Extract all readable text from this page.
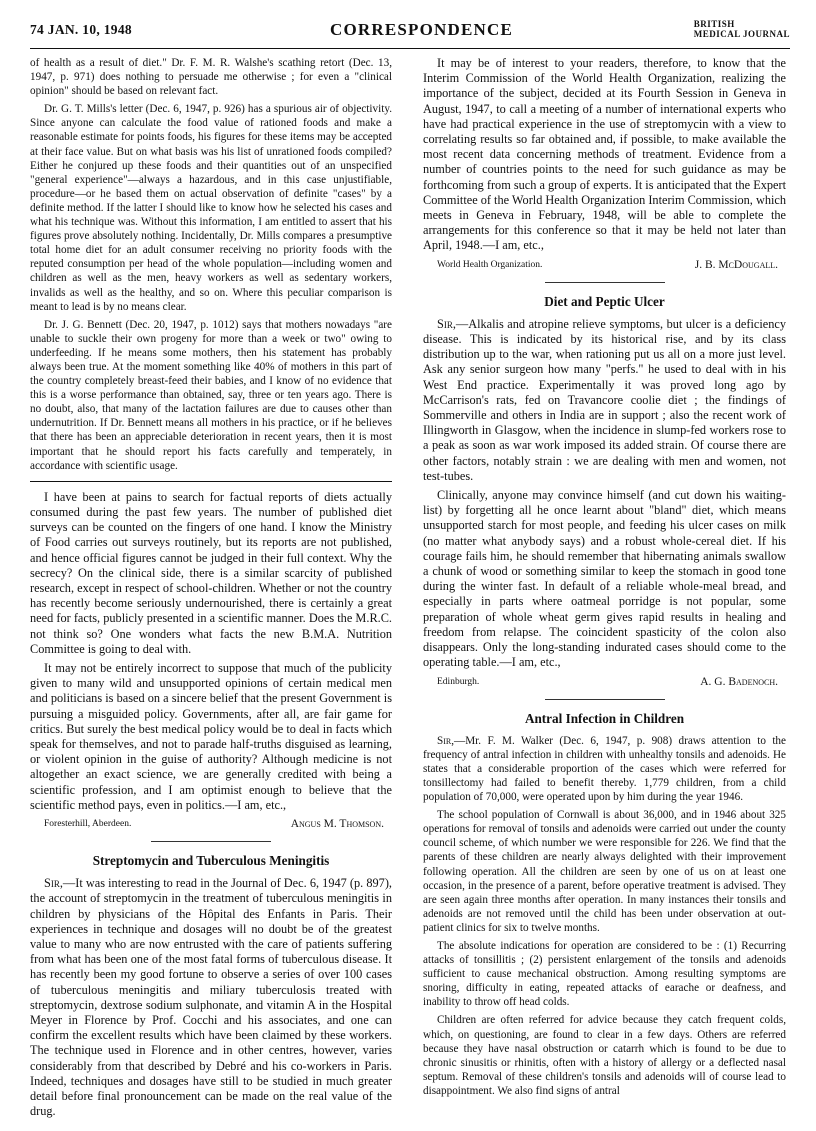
74 JAN. 10, 1948	CORRESPONDENCE	BRITISH
MEDICAL JOURNAL

of health as a result of diet." Dr. F. M. R. Walshe's scathing retort (Dec. 13, 1947, p. 971) does nothing to persuade me otherwise ; for even a "clinical opinion" should be based on relevant fact.

Dr. G. T. Mills's letter (Dec. 6, 1947, p. 926) has a spurious air of objectivity. Since anyone can calculate the food value of rationed foods and make a reasonable estimate for points foods, his figures for these items may be accepted at their face value. But on what basis was his list of unrationed foods compiled? Either he conjured up these foods and their quantities out of an unspecified "general experience"—always a hazardous, and in this case unjustifiable, procedure—or he based them on actual observation of definite "cases" by a definite method. If the latter I should like to know how he selected his cases and what his technique was. Without this information, I am entitled to assert that his figures prove absolutely nothing. Incidentally, Dr. Mills compares a presumptive total home diet for an adult consumer receiving no priority foods with the reputed consumption per head of the whole population—including women and children as well as the men, heavy workers as well as sedentary workers, invalids as well as the healthy, and so on. Where this peculiar comparison is meant to lead is by no means clear.

Dr. J. G. Bennett (Dec. 20, 1947, p. 1012) says that mothers nowadays "are unable to suckle their own progeny for more than a week or two" owing to underfeeding. If he means some mothers, then his statement has probably always been true. At the moment something like 40% of mothers in this part of the country completely breast-feed their babies, and I know of no evidence that this is a worse performance than obtained, say, three or ten years ago. There is no doubt, also, that many of the lactation failures are due to causes other than undernutrition. If Dr. Bennett means all mothers in his practice, or if he believes that there has been an appreciable deterioration in recent years, then it is most important that he should report his facts carefully and temperately, in accordance with scientific usage.

I have been at pains to search for factual reports of diets actually consumed during the past few years. The number of published diet surveys can be counted on the fingers of one hand. I know the Ministry of Food carries out surveys routinely, but its reports are not published, and hence official figures cannot be judged in their full context. Why the secrecy? On the clinical side, there is a similar scarcity of published research, except in respect of school-children. Whether or not the country has recently become seriously undernourished, there is certainly a great need for facts, publicly presented in a scientific manner. Does the M.R.C. not think so? One wonders what facts the new B.M.A. Nutrition Committee is going to deal with.

It may not be entirely incorrect to suppose that much of the publicity given to many wild and unsupported opinions of certain medical men and politicians is based on a sincere belief that the present Government is pursuing a misguided policy. Governments, after all, are fair game for critics. But surely the best medical policy would be to deal in facts which speak for themselves, and not to parade half-truths disguised as learning, or violent opinion in the guise of authority? Although medicine is not altogether an exact science, we are generally credited with being a scientific profession, and I am optimist enough to believe that the scientific method pays, even in politics.—I am, etc.,

Foresterhill, Aberdeen.	Angus M. Thomson.
Streptomycin and Tuberculous Meningitis

Sir,—It was interesting to read in the Journal of Dec. 6, 1947 (p. 897), the account of streptomycin in the treatment of tuberculous meningitis in children by physicians of the Hôpital des Enfants in Paris. Their experiences in technique and dosages will no doubt be of the greatest value to many who are now entrusted with the care of patients suffering from what has been one of the most fatal forms of tuberculous disease. It has recently been my good fortune to observe a series of over 100 cases of tuberculous meningitis and miliary tuberculosis treated with streptomycin, dextrose sodium sulphonate, and vitamin A in the Hospital Meyer in Florence by Prof. Cocchi and his associates, and one can confirm the excellent results which have been claimed by these workers. The technique used in Florence and in other centres, however, varies considerably from that described by Debré and his co-workers in Paris. Indeed, techniques and dosages have still to be studied in much greater detail before final pronouncement can be made on the real value of the drug.

It may be of interest to your readers, therefore, to know that the Interim Commission of the World Health Organization, realizing the importance of the subject, decided at its Fourth Session in Geneva in August, 1947, to call a meeting of a number of international experts who have had practical experience in the use of streptomycin with a view to correlating results so far obtained and, if possible, to make available the most recent data concerning methods of treatment. Evidence from a number of countries points to the need for such guidance as may be forthcoming from such a group of experts. It is anticipated that the Expert Committee of the World Health Organization Interim Commission, which meets in Geneva in February, 1948, will be able to complete the arrangements for this conference so that it may be held not later than April, 1948.—I am, etc.,

World Health Organization.	J. B. McDougall.
Diet and Peptic Ulcer

Sir,—Alkalis and atropine relieve symptoms, but ulcer is a deficiency disease. This is indicated by its historical rise, and by its class distribution up to the war, when rationing put us all on a more just level. Ask any senior surgeon how many "perfs." he used to deal with in his West End practice. Experimentally it was proved long ago by McCarrison's rats, fed on Travancore coolie diet ; the findings of Sommerville and others in India are in support ; also the recent work of Illingworth in Glasgow, when the incidence in slump-fed workers rose to a peak as soon as war work imposed its added strain. Of course there are other factors, notably strain : we are dealing with men and women, not test-tubes.

Clinically, anyone may convince himself (and cut down his waiting-list) by forgetting all he once learnt about "bland" diet, which means unsupported starch for most people, and feeding his ulcer cases on milk (no matter what anybody says) and a robust whole-cereal diet. If his courage fails him, he should remember that hibernating animals swallow a chunk of wood or something similar to keep the stomach in good tone during the winter fast. In default of a reliable whole-meal bread, and especially in parts where oatmeal porridge is not popular, some preparation of whole wheat germ gives rapid results in healing and freedom from relapse. The coincident spasticity of the colon also disappears. Only the long-standing indurated cases should come to the operating table.—I am, etc.,

Edinburgh.	A. G. Badenoch.
Antral Infection in Children

Sir,—Mr. F. M. Walker (Dec. 6, 1947, p. 908) draws attention to the frequency of antral infection in children with unhealthy tonsils and adenoids. He states that a considerable proportion of the cases which were referred for tonsillectomy had failed to benefit thereby. 1,779 children, from a child population of 70,000, were operated upon by him during the year 1946.

The school population of Cornwall is about 36,000, and in 1946 about 325 operations for removal of tonsils and adenoids were carried out under the county council scheme, of which number we were responsible for 226. We find that the parents of these children are nearly always delighted with their improvement following operation. All the children are seen by one of us on at least one occasion, in the presence of a parent, before operative treatment is advised. They are seen again three months after operation. In many instances their tonsils and adenoids are not removed until the child has been under observation at out-patient clinics for six to twelve months.

The absolute indications for operation are considered to be : (1) Recurring attacks of tonsillitis ; (2) persistent enlargement of the tonsils and adenoids sufficient to cause mechanical obstruction. Among resulting symptoms are snoring, difficulty in eating, repeated attacks of earache or deafness, and inability to throw off head colds.

Children are often referred for advice because they catch frequent colds, which, on questioning, are found to clear in a few days. Others are referred because they have nasal obstruction or catarrh which is found to be due to chronic sinusitis or rhinitis, often with a history of allergy or a deflected nasal septum. Removal of these children's tonsils and adenoids will of course lead to disappointment. We also find signs of antral
